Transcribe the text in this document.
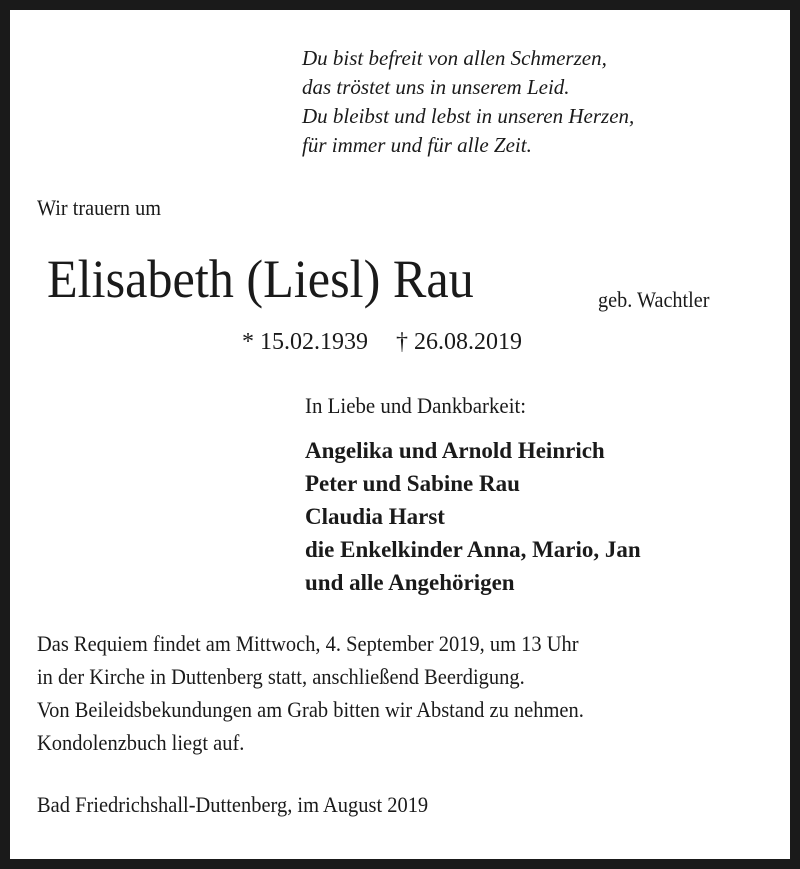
Du bist befreit von allen Schmerzen,
das tröstet uns in unserem Leid.
Du bleibst und lebst in unseren Herzen,
für immer und für alle Zeit.
Wir trauern um
Elisabeth (Liesl) Rau	geb. Wachtler
* 15.02.1939 † 26.08.2019
In Liebe und Dankbarkeit:
Angelika und Arnold Heinrich
Peter und Sabine Rau
Claudia Harst
die Enkelkinder Anna, Mario, Jan
und alle Angehörigen
Das Requiem findet am Mittwoch, 4. September 2019, um 13 Uhr
in der Kirche in Duttenberg statt, anschließend Beerdigung.
Von Beileidsbekundungen am Grab bitten wir Abstand zu nehmen.
Kondolenzbuch liegt auf.
Bad Friedrichshall-Duttenberg, im August 2019
